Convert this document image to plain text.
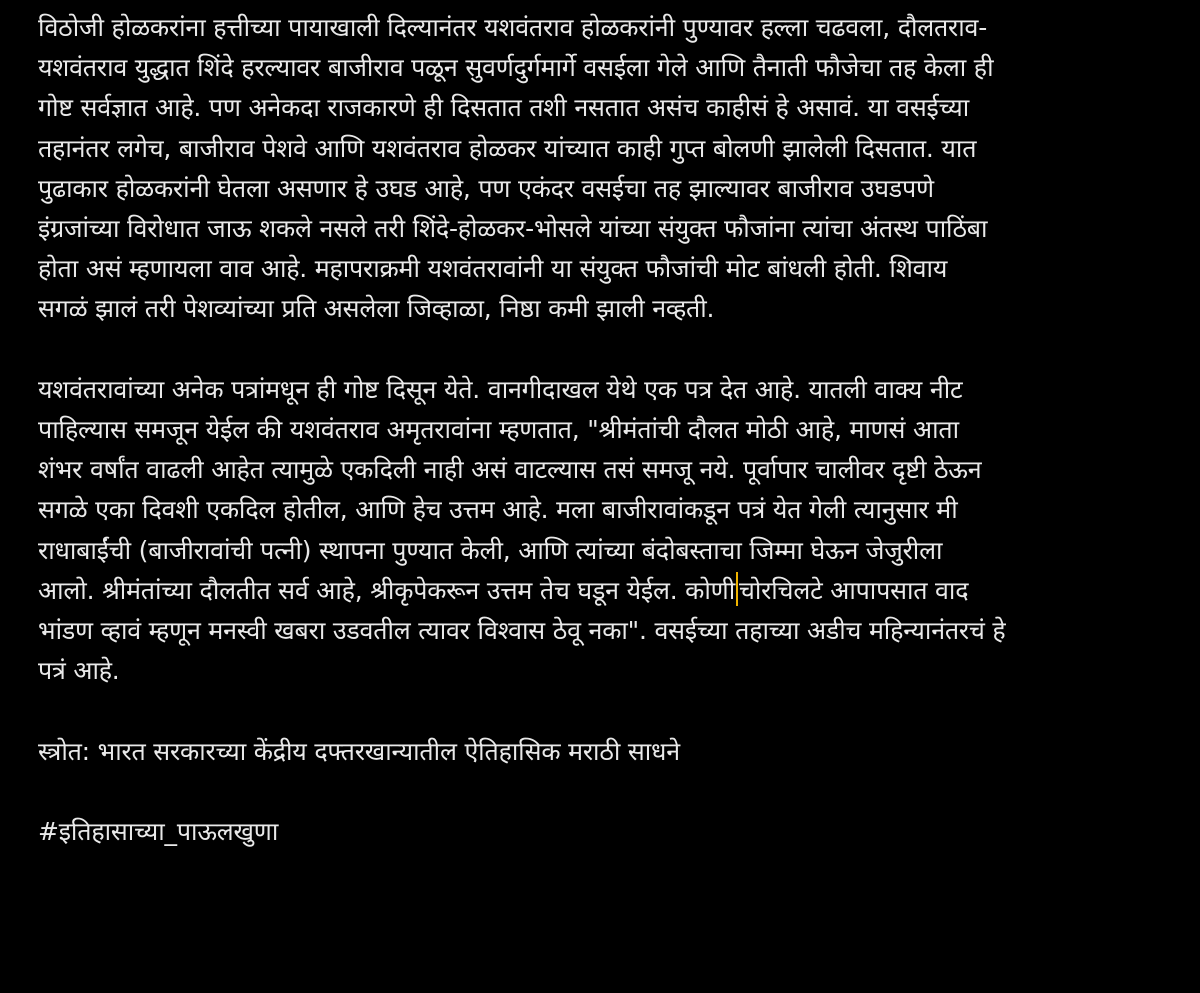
विठोजी होळकरांना हत्तीच्या पायाखाली दिल्यानंतर यशवंतराव होळकरांनी पुण्यावर हल्ला चढवला, दौलतराव-
यशवंतराव युद्धात शिंदे हरल्यावर बाजीराव पळून सुवर्णदुर्गमार्गे वसईला गेले आणि तैनाती फौजेचा तह केला ही
गोष्ट सर्वज्ञात आहे. पण अनेकदा राजकारणे ही दिसतात तशी नसतात असंच काहीसं हे असावं. या वसईच्या
तहानंतर लगेच, बाजीराव पेशवे आणि यशवंतराव होळकर यांच्यात काही गुप्त बोलणी झालेली दिसतात. यात
पुढाकार होळकरांनी घेतला असणार हे उघड आहे, पण एकंदर वसईचा तह झाल्यावर बाजीराव उघडपणे
इंग्रजांच्या विरोधात जाऊ शकले नसले तरी शिंदे-होळकर-भोसले यांच्या संयुक्त फौजांना त्यांचा अंतस्थ पाठिंबा
होता असं म्हणायला वाव आहे. महापराक्रमी यशवंतरावांनी या संयुक्त फौजांची मोट बांधली होती. शिवाय
सगळं झालं तरी पेशव्यांच्या प्रति असलेला जिव्हाळा, निष्ठा कमी झाली नव्हती.
यशवंतरावांच्या अनेक पत्रांमधून ही गोष्ट दिसून येते. वानगीदाखल येथे एक पत्र देत आहे. यातली वाक्य नीट
पाहिल्यास समजून येईल की यशवंतराव अमृतरावांना म्हणतात, "श्रीमंतांची दौलत मोठी आहे, माणसं आता
शंभर वर्षांत वाढली आहेत त्यामुळे एकदिली नाही असं वाटल्यास तसं समजू नये. पूर्वापार चालीवर दृष्टी ठेऊन
सगळे एका दिवशी एकदिल होतील, आणि हेच उत्तम आहे. मला बाजीरावांकडून पत्रं येत गेली त्यानुसार मी
राधाबाईंची (बाजीरावांची पत्नी) स्थापना पुण्यात केली, आणि त्यांच्या बंदोबस्ताचा जिम्मा घेऊन जेजुरीला
आलो. श्रीमंतांच्या दौलतीत सर्व आहे, श्रीकृपेकरून उत्तम तेच घडून येईल. कोणी चोरचिलटे आपापसात वाद
भांडण व्हावं म्हणून मनस्वी खबरा उडवतील त्यावर विश्वास ठेवू नका". वसईच्या तहाच्या अडीच महिन्यानंतरचं हे
पत्रं आहे.
स्त्रोत: भारत सरकारच्या केंद्रीय दफ्तरखान्यातील ऐतिहासिक मराठी साधने
#इतिहासाच्या_पाऊलखुणा
